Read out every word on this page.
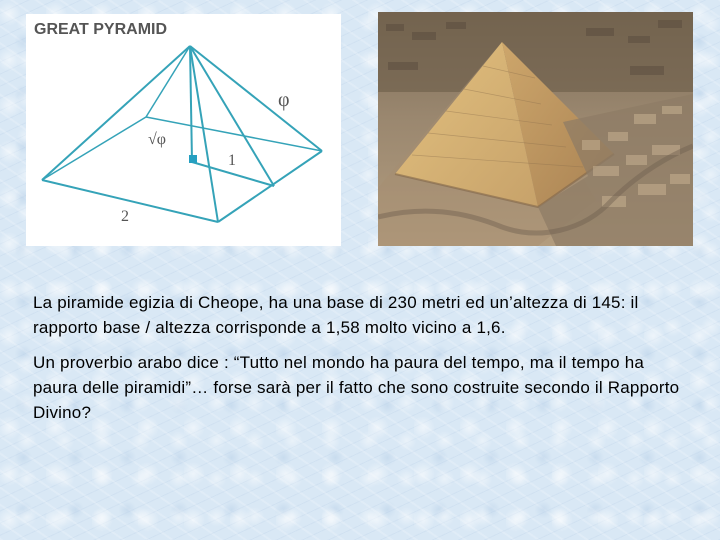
GREAT PYRAMID
φ
√φ
1
2

La piramide egizia di Cheope, ha una base di 230 metri ed un’altezza di 145: il rapporto base / altezza corrisponde a 1,58 molto vicino a 1,6.

Un proverbio arabo dice : “Tutto nel mondo ha paura del tempo, ma il tempo ha paura delle piramidi”… forse sarà per il fatto che sono costruite secondo il Rapporto Divino?
